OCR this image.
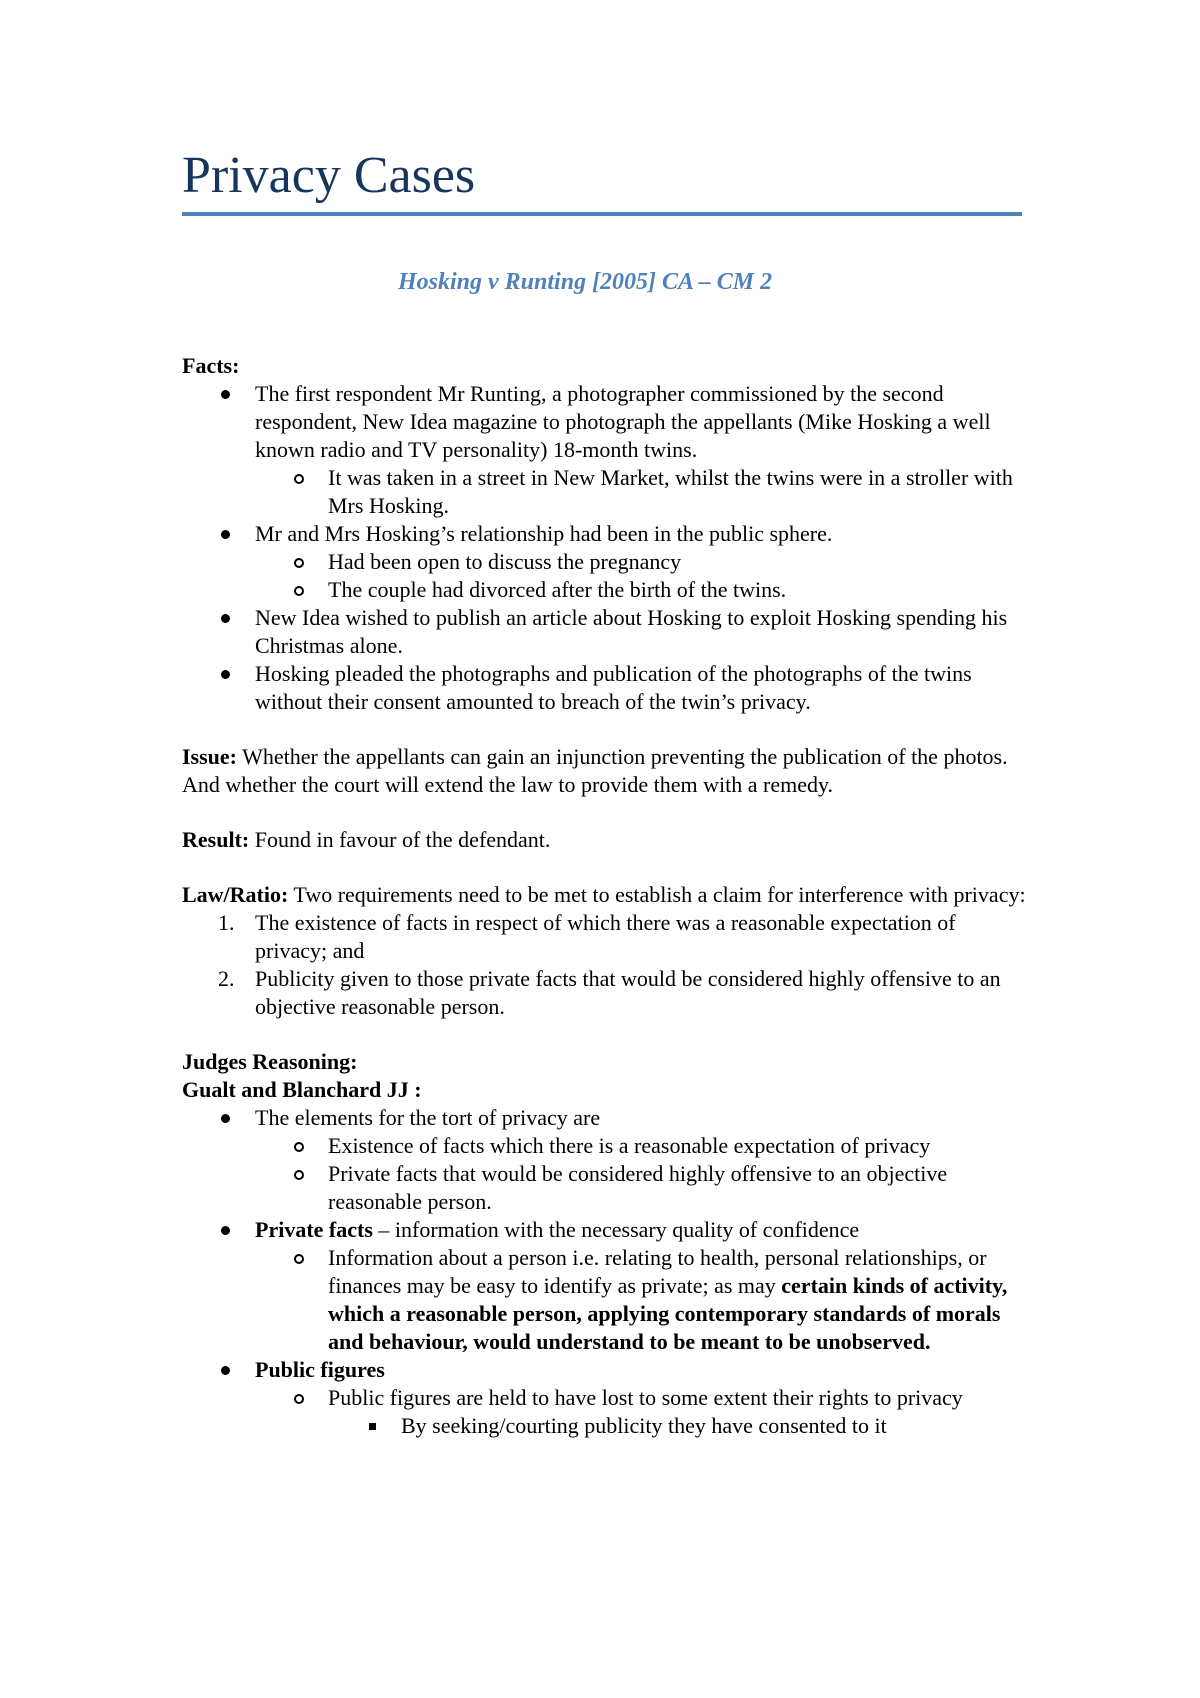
Privacy Cases
Hosking v Runting [2005] CA – CM 2

Facts:

The first respondent Mr Runting, a photographer commissioned by the second respondent, New Idea magazine to photograph the appellants (Mike Hosking a well known radio and TV personality) 18-month twins.
It was taken in a street in New Market, whilst the twins were in a stroller with Mrs Hosking.
Mr and Mrs Hosking’s relationship had been in the public sphere.
Had been open to discuss the pregnancy
The couple had divorced after the birth of the twins.
New Idea wished to publish an article about Hosking to exploit Hosking spending his Christmas alone.
Hosking pleaded the photographs and publication of the photographs of the twins without their consent amounted to breach of the twin’s privacy.

Issue: Whether the appellants can gain an injunction preventing the publication of the photos. And whether the court will extend the law to provide them with a remedy.

Result: Found in favour of the defendant.

Law/Ratio: Two requirements need to be met to establish a claim for interference with privacy:

1. The existence of facts in respect of which there was a reasonable expectation of privacy; and
2. Publicity given to those private facts that would be considered highly offensive to an objective reasonable person.

Judges Reasoning:

Gualt and Blanchard JJ :

The elements for the tort of privacy are
Existence of facts which there is a reasonable expectation of privacy
Private facts that would be considered highly offensive to an objective reasonable person.
Private facts – information with the necessary quality of confidence
Information about a person i.e. relating to health, personal relationships, or finances may be easy to identify as private; as may certain kinds of activity, which a reasonable person, applying contemporary standards of morals and behaviour, would understand to be meant to be unobserved.
Public figures
Public figures are held to have lost to some extent their rights to privacy
By seeking/courting publicity they have consented to it
